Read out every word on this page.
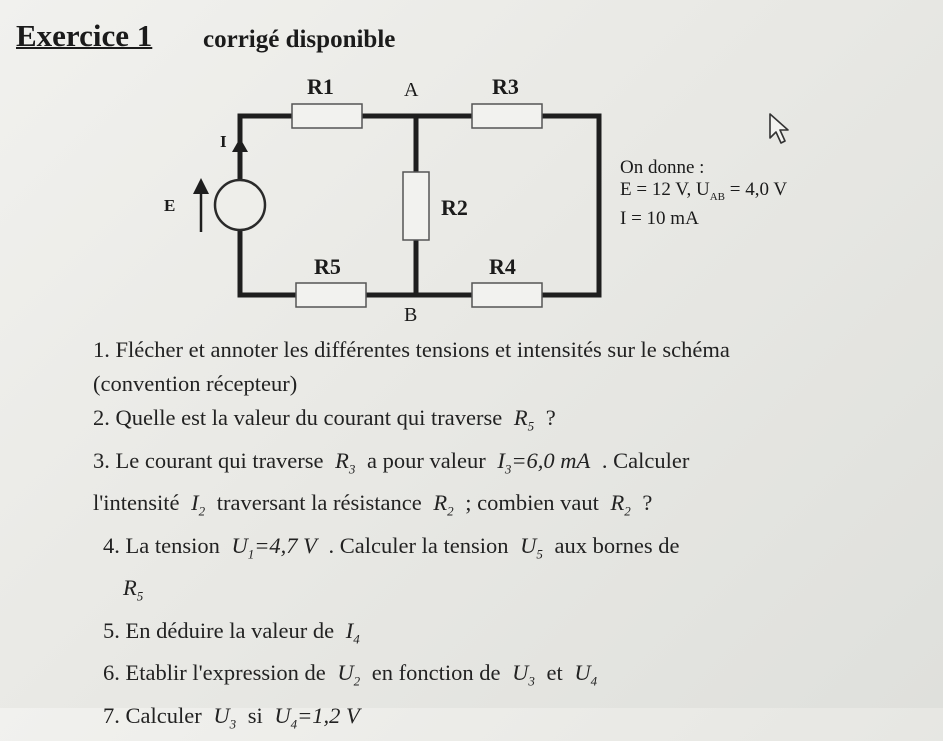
Exercice 1 corrigé disponible
R1	A	R3
I
E	R2
R5	R4
B
On donne :
E = 12 V, $U_{AB} = 4,0$ V
I = 10 mA
1. Flécher et annoter les différentes tensions et intensités sur le schéma
(convention récepteur)
2. Quelle est la valeur du courant qui traverse $R_5$ ?
3. Le courant qui traverse $R_3$ a pour valeur $I_3=6,0$ mA . Calculer
l'intensité $I_2$ traversant la résistance $R_2$ ; combien vaut $R_2$ ?
4. La tension $U_1=4,7$ V . Calculer la tension $U_5$ aux bornes de
$R_5$
5. En déduire la valeur de $I_4$
6. Etablir l'expression de $U_2$ en fonction de $U_3$ et $U_4$
7. Calculer $U_3$ si $U_4=1,2$ V
